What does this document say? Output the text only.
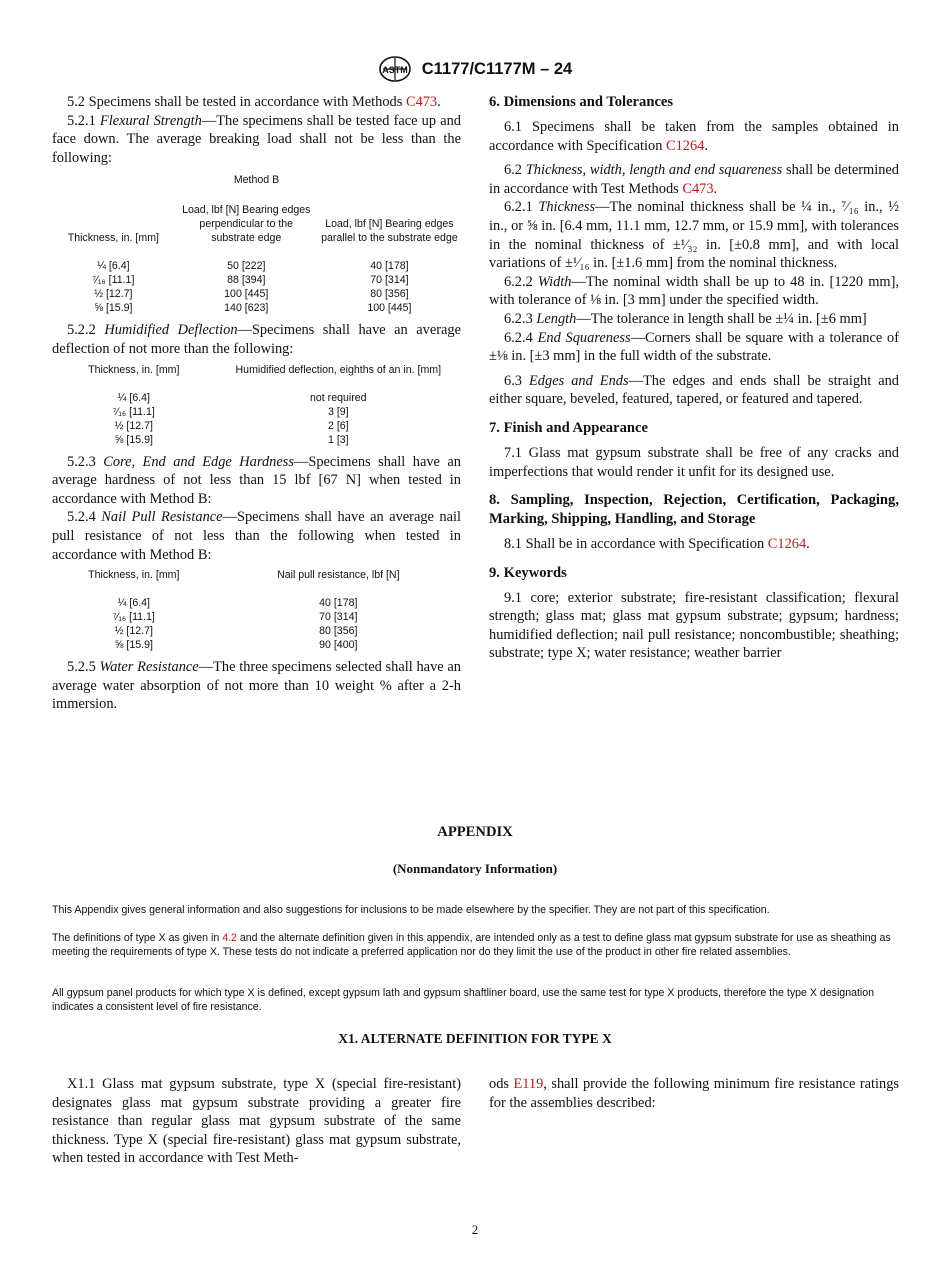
ASTM C1177/C1177M – 24

5.2 Specimens shall be tested in accordance with Methods C473.

5.2.1 Flexural Strength—The specimens shall be tested face up and face down. The average breaking load shall not be less than the following:

Method B
Thickness, in. [mm]	Load, lbf [N] Bearing edges perpendicular to the substrate edge	Load, lbf [N] Bearing edges parallel to the substrate edge

¼ [6.4]	50 [222]	40 [178]
⁷⁄₁₆ [11.1]	88 [394]	70 [314]
½ [12.7]	100 [445]	80 [356]
⅝ [15.9]	140 [623]	100 [445]

5.2.2 Humidified Deflection—Specimens shall have an average deflection of not more than the following:

Thickness, in. [mm]	Humidified deflection, eighths of an in. [mm]

¼ [6.4]	not required
⁷⁄₁₆ [11.1]	3 [9]
½ [12.7]	2 [6]
⅝ [15.9]	1 [3]

5.2.3 Core, End and Edge Hardness—Specimens shall have an average hardness of not less than 15 lbf [67 N] when tested in accordance with Method B:

5.2.4 Nail Pull Resistance—Specimens shall have an average nail pull resistance of not less than the following when tested in accordance with Method B:

Thickness, in. [mm]	Nail pull resistance, lbf [N]

¼ [6.4]	40 [178]
⁷⁄₁₆ [11.1]	70 [314]
½ [12.7]	80 [356]
⅝ [15.9]	90 [400]

5.2.5 Water Resistance—The three specimens selected shall have an average water absorption of not more than 10 weight % after a 2-h immersion.

6. Dimensions and Tolerances

6.1 Specimens shall be taken from the samples obtained in accordance with Specification C1264.

6.2 Thickness, width, length and end squareness shall be determined in accordance with Test Methods C473.

6.2.1 Thickness—The nominal thickness shall be ¼ in., ⁷⁄₁₆ in., ½ in., or ⅝ in. [6.4 mm, 11.1 mm, 12.7 mm, or 15.9 mm], with tolerances in the nominal thickness of ±¹⁄₃₂ in. [±0.8 mm], and with local variations of ±¹⁄₁₆ in. [±1.6 mm] from the nominal thickness.

6.2.2 Width—The nominal width shall be up to 48 in. [1220 mm], with tolerance of ⅛ in. [3 mm] under the specified width.

6.2.3 Length—The tolerance in length shall be ±¼ in. [±6 mm]

6.2.4 End Squareness—Corners shall be square with a tolerance of ±⅛ in. [±3 mm] in the full width of the substrate.

6.3 Edges and Ends—The edges and ends shall be straight and either square, beveled, featured, tapered, or featured and tapered.

7. Finish and Appearance

7.1 Glass mat gypsum substrate shall be free of any cracks and imperfections that would render it unfit for its designed use.

8. Sampling, Inspection, Rejection, Certification, Packaging, Marking, Shipping, Handling, and Storage

8.1 Shall be in accordance with Specification C1264.

9. Keywords

9.1 core; exterior substrate; fire-resistant classification; flexural strength; glass mat; glass mat gypsum substrate; gypsum; hardness; humidified deflection; nail pull resistance; noncombustible; sheathing; substrate; type X; water resistance; weather barrier

APPENDIX
(Nonmandatory Information)
This Appendix gives general information and also suggestions for inclusions to be made elsewhere by the specifier. They are not part of this specification.
The definitions of type X as given in 4.2 and the alternate definition given in this appendix, are intended only as a test to define glass mat gypsum substrate for use as sheathing as meeting the requirements of type X. These tests do not indicate a preferred application nor do they limit the use of the product in other fire related assemblies.
All gypsum panel products for which type X is defined, except gypsum lath and gypsum shaftliner board, use the same test for type X products, therefore the type X designation indicates a consistent level of fire resistance.
X1. ALTERNATE DEFINITION FOR TYPE X

X1.1 Glass mat gypsum substrate, type X (special fire-resistant) designates glass mat gypsum substrate providing a greater fire resistance than regular glass mat gypsum substrate of the same thickness. Type X (special fire-resistant) glass mat gypsum substrate, when tested in accordance with Test Meth-

ods E119, shall provide the following minimum fire resistance ratings for the assemblies described:

2
